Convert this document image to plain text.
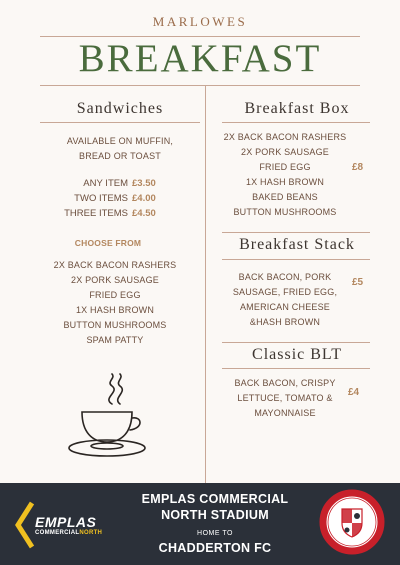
MARLOWES
BREAKFAST
Sandwiches
AVAILABLE ON MUFFIN,
BREAD OR TOAST
ANY ITEM £3.50
TWO ITEMS £4.00
THREE ITEMS £4.50
CHOOSE FROM
2X BACK BACON RASHERS
2X PORK SAUSAGE
FRIED EGG
1X HASH BROWN
BUTTON MUSHROOMS
SPAM PATTY
Breakfast Box
2X BACK BACON RASHERS
2X PORK SAUSAGE
FRIED EGG
1X HASH BROWN
BAKED BEANS
BUTTON MUSHROOMS
£8
Breakfast Stack
BACK BACON, PORK
SAUSAGE, FRIED EGG,
AMERICAN CHEESE
&HASH BROWN
£5
Classic BLT
BACK BACON, CRISPY
LETTUCE, TOMATO &
MAYONNAISE
£4
EMPLAS
COMMERCIALNORTH
EMPLAS COMMERCIAL
NORTH STADIUM
HOME TO
CHADDERTON FC
